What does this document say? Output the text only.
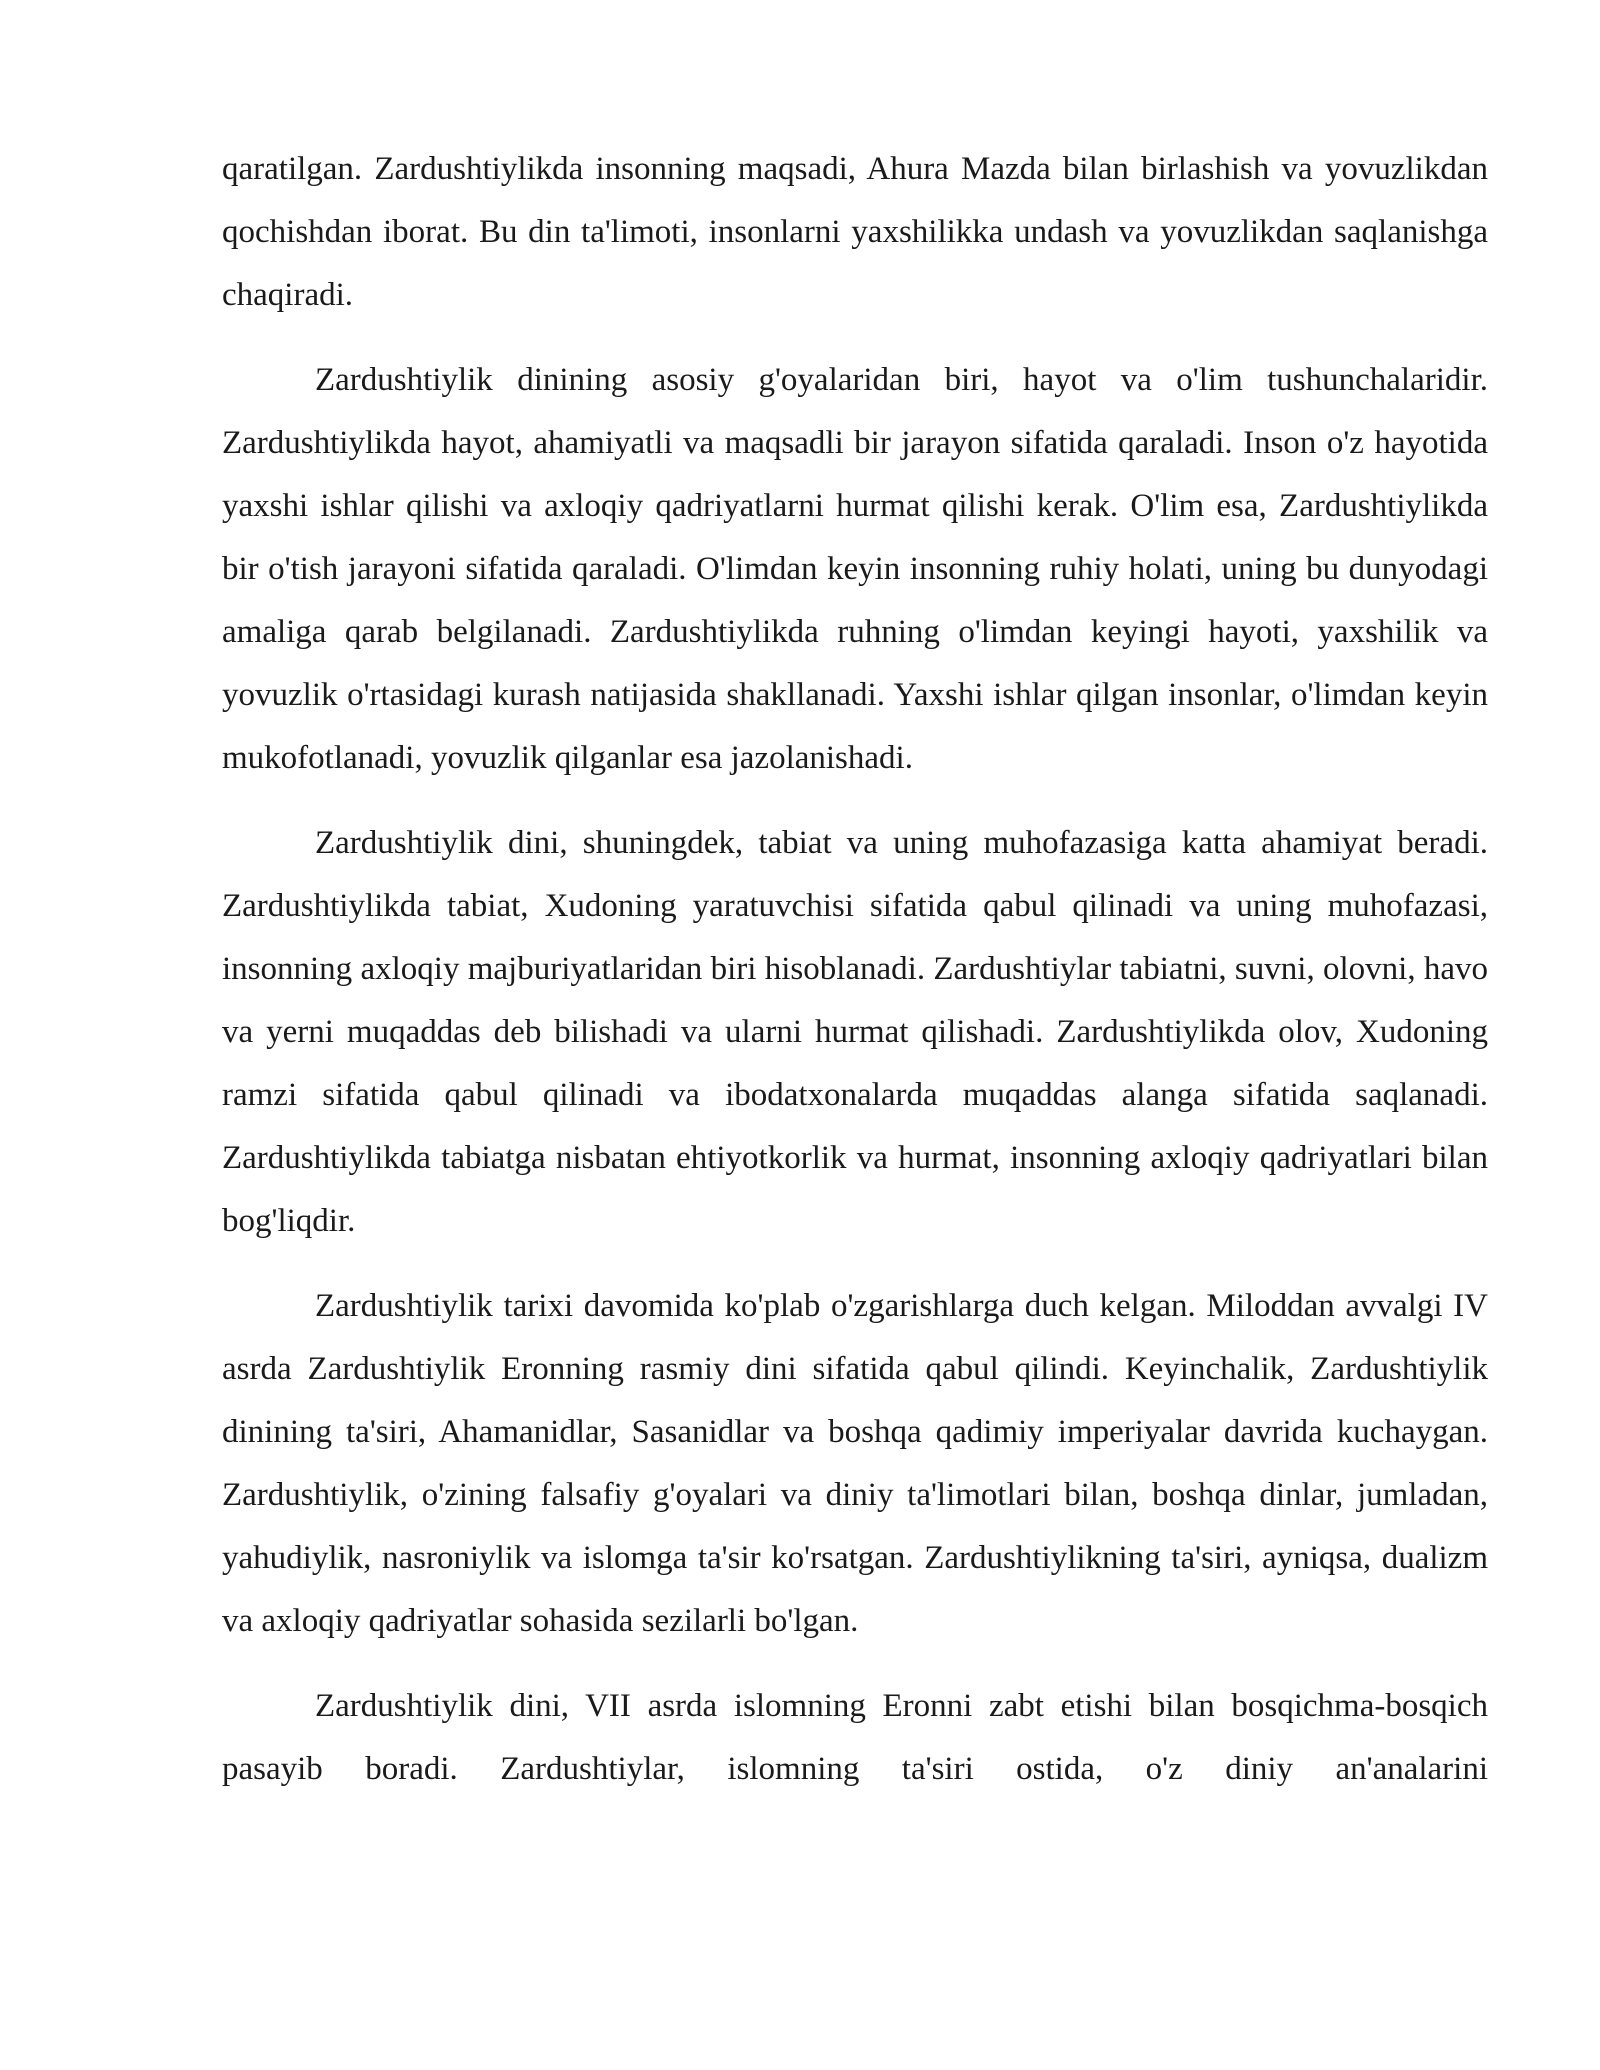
qaratilgan. Zardushtiylikda insonning maqsadi, Ahura Mazda bilan birlashish va yovuzlikdan qochishdan iborat. Bu din ta'limoti, insonlarni yaxshilikka undash va yovuzlikdan saqlanishga chaqiradi.

Zardushtiylik dinining asosiy g'oyalaridan biri, hayot va o'lim tushunchalaridir. Zardushtiylikda hayot, ahamiyatli va maqsadli bir jarayon sifatida qaraladi. Inson o'z hayotida yaxshi ishlar qilishi va axloqiy qadriyatlarni hurmat qilishi kerak. O'lim esa, Zardushtiylikda bir o'tish jarayoni sifatida qaraladi. O'limdan keyin insonning ruhiy holati, uning bu dunyodagi amaliga qarab belgilanadi. Zardushtiylikda ruhning o'limdan keyingi hayoti, yaxshilik va yovuzlik o'rtasidagi kurash natijasida shakllanadi. Yaxshi ishlar qilgan insonlar, o'limdan keyin mukofotlanadi, yovuzlik qilganlar esa jazolanishadi.

Zardushtiylik dini, shuningdek, tabiat va uning muhofazasiga katta ahamiyat beradi. Zardushtiylikda tabiat, Xudoning yaratuvchisi sifatida qabul qilinadi va uning muhofazasi, insonning axloqiy majburiyatlaridan biri hisoblanadi. Zardushtiylar tabiatni, suvni, olovni, havo va yerni muqaddas deb bilishadi va ularni hurmat qilishadi. Zardushtiylikda olov, Xudoning ramzi sifatida qabul qilinadi va ibodatxonalarda muqaddas alanga sifatida saqlanadi. Zardushtiylikda tabiatga nisbatan ehtiyotkorlik va hurmat, insonning axloqiy qadriyatlari bilan bog'liqdir.

Zardushtiylik tarixi davomida ko'plab o'zgarishlarga duch kelgan. Miloddan avvalgi IV asrda Zardushtiylik Eronning rasmiy dini sifatida qabul qilindi. Keyinchalik, Zardushtiylik dinining ta'siri, Ahamanidlar, Sasanidlar va boshqa qadimiy imperiyalar davrida kuchaygan. Zardushtiylik, o'zining falsafiy g'oyalari va diniy ta'limotlari bilan, boshqa dinlar, jumladan, yahudiylik, nasroniylik va islomga ta'sir ko'rsatgan. Zardushtiylikning ta'siri, ayniqsa, dualizm va axloqiy qadriyatlar sohasida sezilarli bo'lgan.

Zardushtiylik dini, VII asrda islomning Eronni zabt etishi bilan bosqichma-bosqich pasayib boradi. Zardushtiylar, islomning ta'siri ostida, o'z diniy an'analarini
